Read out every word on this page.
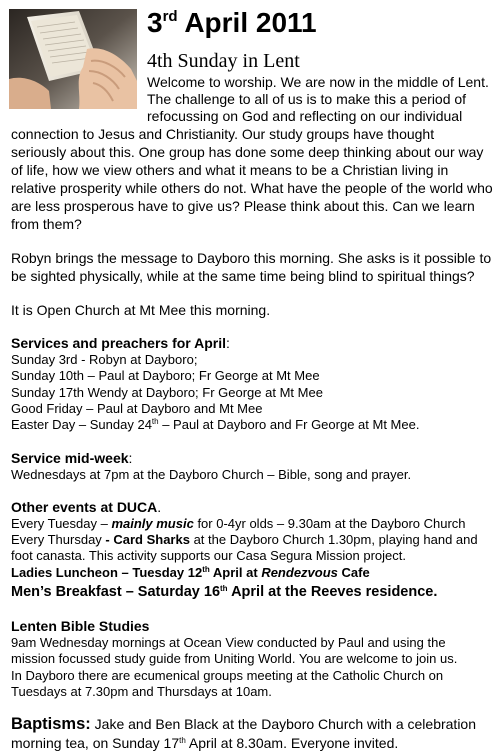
3rd April 2011
4th Sunday in Lent
Welcome to worship. We are now in the middle of Lent.
The challenge to all of us is to make this a period of
refocussing on God and reflecting on our individual

connection to Jesus and Christianity. Our study groups have thought seriously about this. One group has done some deep thinking about our way of life, how we view others and what it means to be a Christian living in relative prosperity while others do not. What have the people of the world who are less prosperous have to give us? Please think about this. Can we learn from them?

Robyn brings the message to Dayboro this morning. She asks is it possible to be sighted physically, while at the same time being blind to spiritual things?

It is Open Church at Mt Mee this morning.

Services and preachers for April:

Sunday 3rd - Robyn at Dayboro;

Sunday 10th – Paul at Dayboro; Fr George at Mt Mee

Sunday 17th Wendy at Dayboro; Fr George at Mt Mee

Good Friday – Paul at Dayboro and Mt Mee

Easter Day – Sunday 24th – Paul at Dayboro and Fr George at Mt Mee.

Service mid-week:

Wednesdays at 7pm at the Dayboro Church – Bible, song and prayer.

Other events at DUCA.

Every Tuesday – mainly music for 0-4yr olds – 9.30am at the Dayboro Church

Every Thursday - Card Sharks at the Dayboro Church 1.30pm, playing hand and foot canasta. This activity supports our Casa Segura Mission project.

Ladies Luncheon – Tuesday 12th April at Rendezvous Cafe

Men’s Breakfast – Saturday 16th April at the Reeves residence.

Lenten Bible Studies

9am Wednesday mornings at Ocean View conducted by Paul and using the mission focussed study guide from Uniting World. You are welcome to join us.

In Dayboro there are ecumenical groups meeting at the Catholic Church on Tuesdays at 7.30pm and Thursdays at 10am.

Baptisms: Jake and Ben Black at the Dayboro Church with a celebration morning tea, on Sunday 17th April at 8.30am. Everyone invited.
